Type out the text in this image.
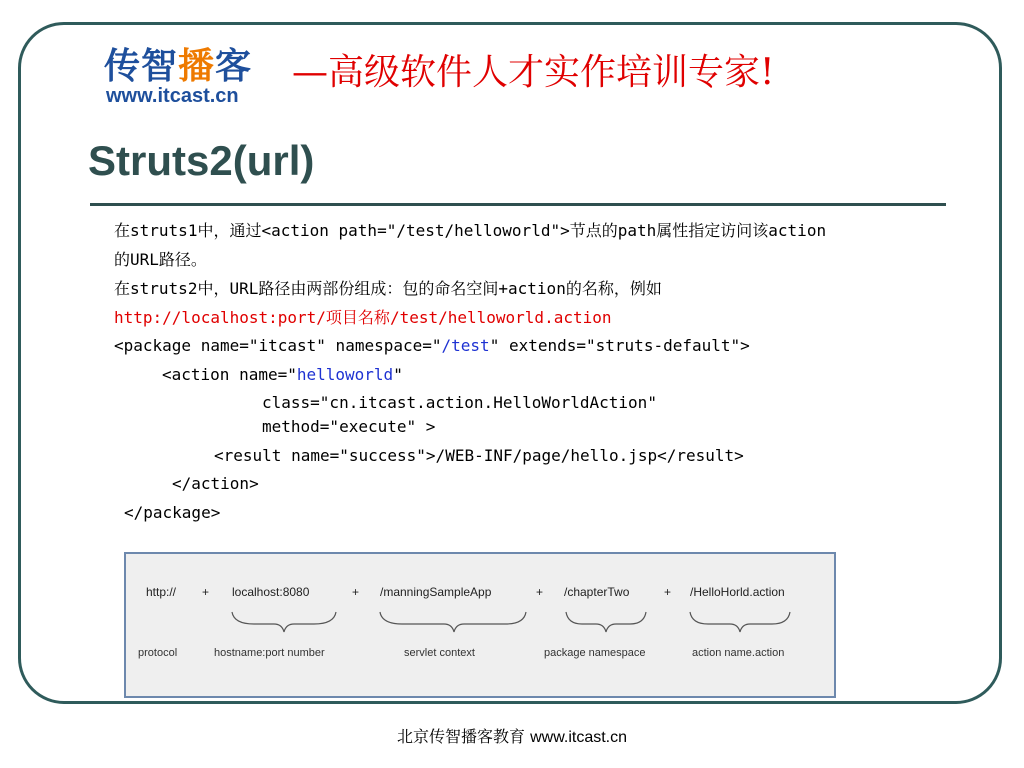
传智播客
www.itcast.cn
—高级软件人才实作培训专家!
Struts2(url)
在struts1中，通过<action path="/test/helloworld">节点的path属性指定访问该action
的URL路径。
在struts2中，URL路径由两部份组成：包的命名空间+action的名称，例如
http://localhost:port/项目名称/test/helloworld.action
<package name="itcast" namespace="/test" extends="struts-default">
<action name="helloworld"
class="cn.itcast.action.HelloWorldAction"
method="execute" >
<result name="success">/WEB-INF/page/hello.jsp</result>
</action>
</package>
http:// + localhost:8080	+ /manningSampleApp	+ /chapterTwo	+ /HelloHorld.action
protocol	hostname:port number	servlet context	package namespace	action name.action
北京传智播客教育 www.itcast.cn
